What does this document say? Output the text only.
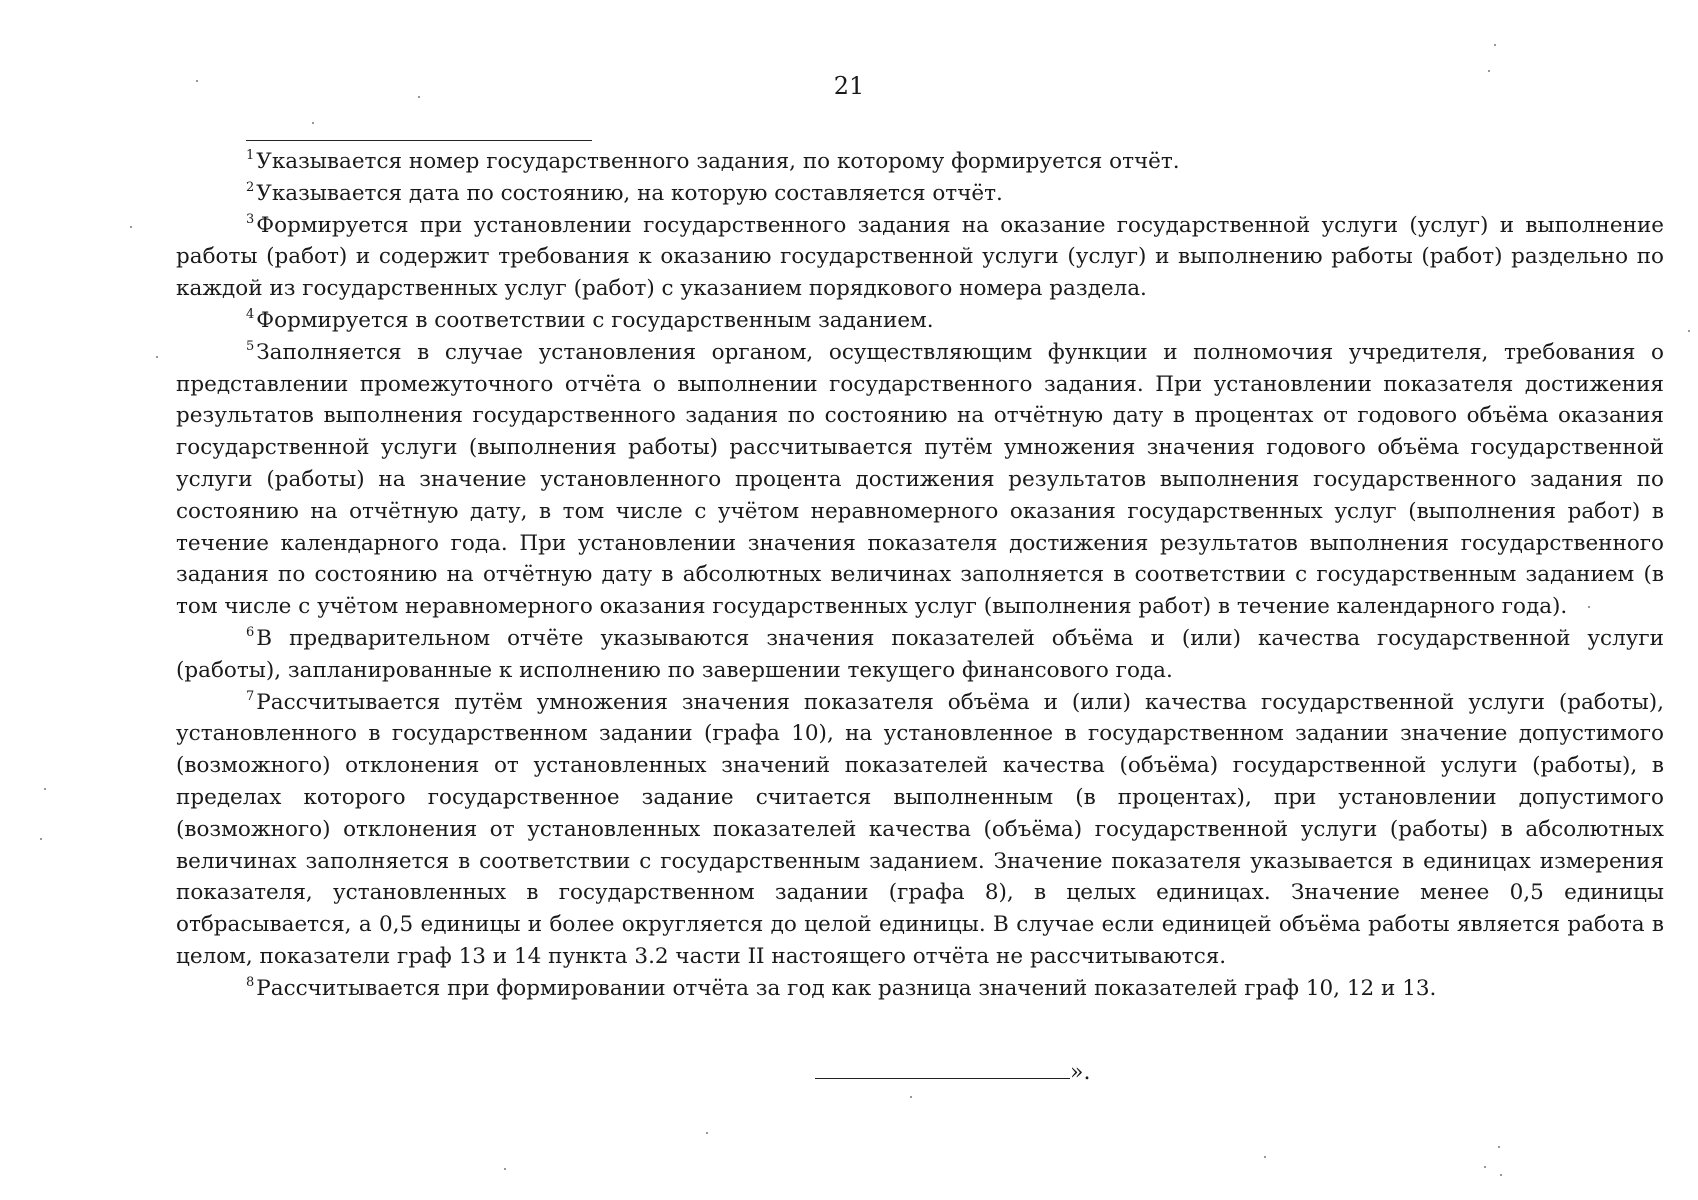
21

$^1$Указывается номер государственного задания, по которому формируется отчёт.

$^2$Указывается дата по состоянию, на которую составляется отчёт.

$^3$Формируется при установлении государственного задания на оказание государственной услуги (услуг) и выполнение работы (работ) и содержит требования к оказанию государственной услуги (услуг) и выполнению работы (работ) раздельно по каждой из государственных услуг (работ) с указанием порядкового номера раздела.

$^4$Формируется в соответствии с государственным заданием.

$^5$Заполняется в случае установления органом, осуществляющим функции и полномочия учредителя, требования о представлении промежуточного отчёта о выполнении государственного задания. При установлении показателя достижения результатов выполнения государственного задания по состоянию на отчётную дату в процентах от годового объёма оказания государственной услуги (выполнения работы) рассчитывается путём умножения значения годового объёма государственной услуги (работы) на значение установленного процента достижения результатов выполнения государственного задания по состоянию на отчётную дату, в том числе с учётом неравномерного оказания государственных услуг (выполнения работ) в течение календарного года. При установлении значения показателя достижения результатов выполнения государственного задания по состоянию на отчётную дату в абсолютных величинах заполняется в соответствии с государственным заданием (в том числе с учётом неравномерного оказания государственных услуг (выполнения работ) в течение календарного года).

$^6$В предварительном отчёте указываются значения показателей объёма и (или) качества государственной услуги (работы), запланированные к исполнению по завершении текущего финансового года.

$^7$Рассчитывается путём умножения значения показателя объёма и (или) качества государственной услуги (работы), установленного в государственном задании (графа 10), на установленное в государственном задании значение допустимого (возможного) отклонения от установленных значений показателей качества (объёма) государственной услуги (работы), в пределах которого государственное задание считается выполненным (в процентах), при установлении допустимого (возможного) отклонения от установленных показателей качества (объёма) государственной услуги (работы) в абсолютных величинах заполняется в соответствии с государственным заданием. Значение показателя указывается в единицах измерения показателя, установленных в государственном задании (графа 8), в целых единицах. Значение менее 0,5 единицы отбрасывается, а 0,5 единицы и более округляется до целой единицы. В случае если единицей объёма работы является работа в целом, показатели граф 13 и 14 пункта 3.2 части II настоящего отчёта не рассчитываются.

$^8$Рассчитывается при формировании отчёта за год как разница значений показателей граф 10, 12 и 13.

».
